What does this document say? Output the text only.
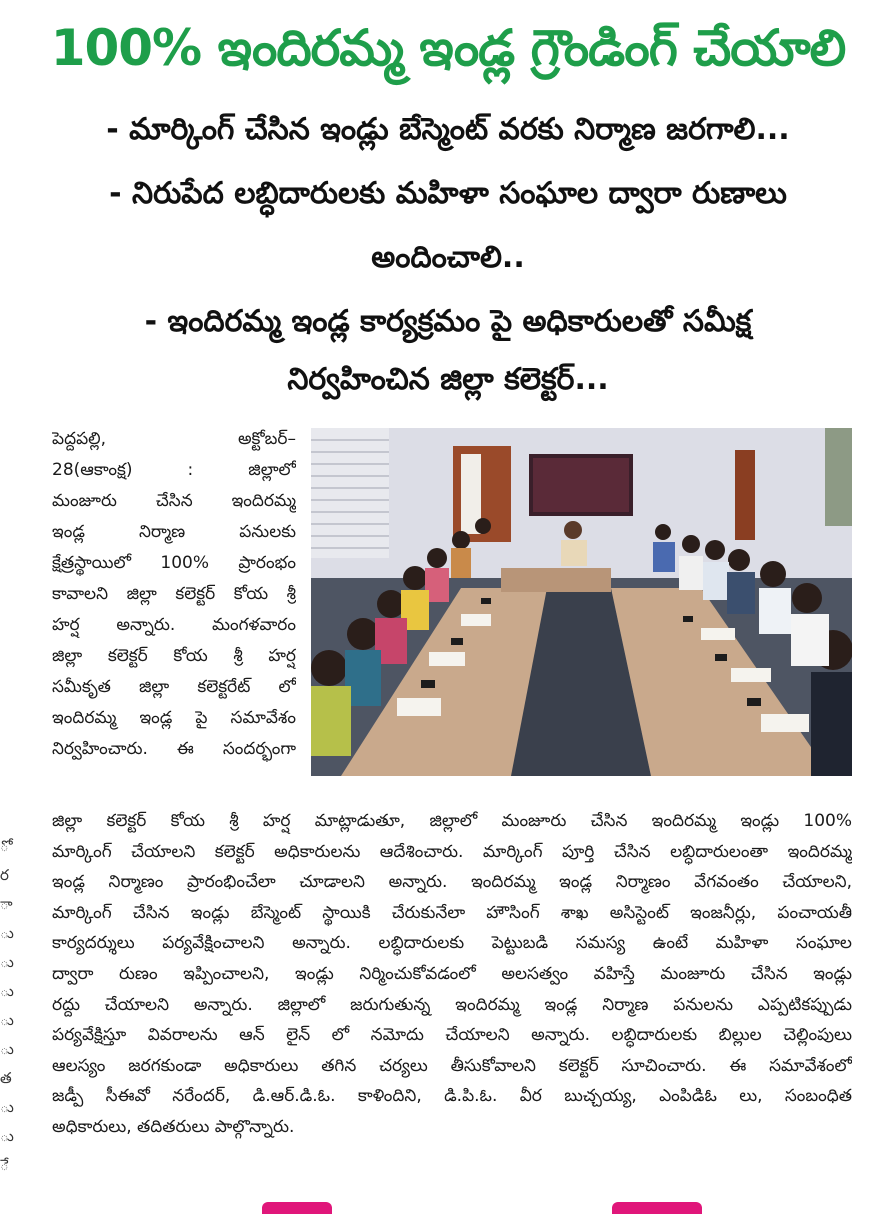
100% ఇందిరమ్మ ఇండ్ల గ్రౌండింగ్ చేయాలి
- మార్కింగ్ చేసిన ఇండ్లు బేస్మెంట్ వరకు నిర్మాణ జరగాలి...
- నిరుపేద లబ్ధిదారులకు మహిళా సంఘాల ద్వారా రుణాలు
అందించాలి..
- ఇందిరమ్మ ఇండ్ల కార్యక్రమం పై అధికారులతో సమీక్ష
నిర్వహించిన జిల్లా కలెక్టర్...
పెద్దపల్లి, అక్టోబర్–
28(ఆకాంక్ష) : జిల్లాలో
మంజూరు చేసిన ఇందిరమ్మ
ఇండ్ల నిర్మాణ పనులకు
క్షేత్రస్థాయిలో 100% ప్రారంభం
కావాలని జిల్లా కలెక్టర్ కోయ శ్రీ
హర్ష అన్నారు. మంగళవారం
జిల్లా కలెక్టర్ కోయ శ్రీ హర్ష
సమీకృత జిల్లా కలెక్టరేట్ లో
ఇందిరమ్మ ఇండ్ల పై సమావేశం
నిర్వహించారు. ఈ సందర్భంగా
జిల్లా కలెక్టర్ కోయ శ్రీ హర్ష మాట్లాడుతూ, జిల్లాలో మంజూరు చేసిన ఇందిరమ్మ ఇండ్లు 100%
మార్కింగ్ చేయాలని కలెక్టర్ అధికారులను ఆదేశించారు. మార్కింగ్ పూర్తి చేసిన లబ్ధిదారులంతా ఇందిరమ్మ
ఇండ్ల నిర్మాణం ప్రారంభించేలా చూడాలని అన్నారు. ఇందిరమ్మ ఇండ్ల నిర్మాణం వేగవంతం చేయాలని,
మార్కింగ్ చేసిన ఇండ్లు బేస్మెంట్ స్థాయికి చేరుకునేలా హౌసింగ్ శాఖ అసిస్టెంట్ ఇంజనీర్లు, పంచాయతీ
కార్యదర్శులు పర్యవేక్షించాలని అన్నారు. లబ్ధిదారులకు పెట్టుబడి సమస్య ఉంటే మహిళా సంఘాల
ద్వారా రుణం ఇప్పించాలని, ఇండ్లు నిర్మించుకోవడంలో అలసత్వం వహిస్తే మంజూరు చేసిన ఇండ్లు
రద్దు చేయాలని అన్నారు. జిల్లాలో జరుగుతున్న ఇందిరమ్మ ఇండ్ల నిర్మాణ పనులను ఎప్పటికప్పుడు
పర్యవేక్షిస్తూ వివరాలను ఆన్ లైన్ లో నమోదు చేయాలని అన్నారు. లబ్ధిదారులకు బిల్లుల చెల్లింపులు
ఆలస్యం జరగకుండా అధికారులు తగిన చర్యలు తీసుకోవాలని కలెక్టర్ సూచించారు. ఈ సమావేశంలో
జడ్పీ సీఈవో నరేందర్, డి.ఆర్.డి.ఓ. కాళిందిని, డి.పి.ఓ. వీర బుచ్చయ్య, ఎంపిడిఓ లు, సంబంధిత
అధికారులు, తదితరులు పాల్గొన్నారు.
ో
ర
ా
ు
ు
ు
ు
ు
త
ు
ు
ే
